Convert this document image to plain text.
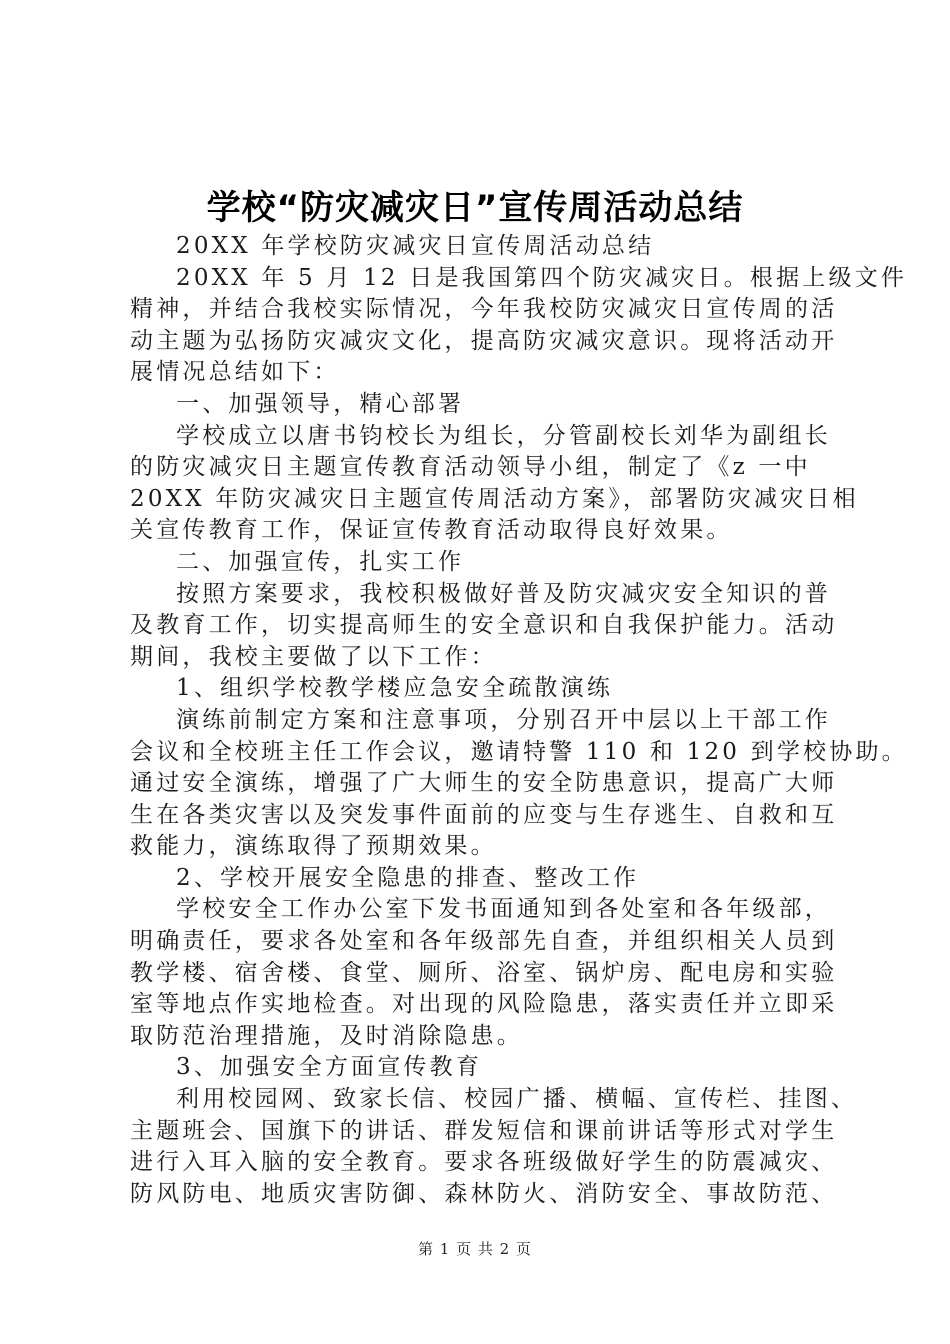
学校“防灾减灾日”宣传周活动总结
20XX 年学校防灾减灾日宣传周活动总结
20XX 年 5 月 12 日是我国第四个防灾减灾日。根据上级文件
精神，并结合我校实际情况，今年我校防灾减灾日宣传周的活
动主题为弘扬防灾减灾文化，提高防灾减灾意识。现将活动开
展情况总结如下：
一、加强领导，精心部署
学校成立以唐书钧校长为组长，分管副校长刘华为副组长
的防灾减灾日主题宣传教育活动领导小组，制定了《z 一中
20XX 年防灾减灾日主题宣传周活动方案》，部署防灾减灾日相
关宣传教育工作，保证宣传教育活动取得良好效果。
二、加强宣传，扎实工作
按照方案要求，我校积极做好普及防灾减灾安全知识的普
及教育工作，切实提高师生的安全意识和自我保护能力。活动
期间，我校主要做了以下工作：
1、组织学校教学楼应急安全疏散演练
演练前制定方案和注意事项，分别召开中层以上干部工作
会议和全校班主任工作会议，邀请特警 110 和 120 到学校协助。
通过安全演练，增强了广大师生的安全防患意识，提高广大师
生在各类灾害以及突发事件面前的应变与生存逃生、自救和互
救能力，演练取得了预期效果。
2、学校开展安全隐患的排查、整改工作
学校安全工作办公室下发书面通知到各处室和各年级部，
明确责任，要求各处室和各年级部先自查，并组织相关人员到
教学楼、宿舍楼、食堂、厕所、浴室、锅炉房、配电房和实验
室等地点作实地检查。对出现的风险隐患，落实责任并立即采
取防范治理措施，及时消除隐患。
3、加强安全方面宣传教育
利用校园网、致家长信、校园广播、横幅、宣传栏、挂图、
主题班会、国旗下的讲话、群发短信和课前讲话等形式对学生
进行入耳入脑的安全教育。要求各班级做好学生的防震减灾、
防风防电、地质灾害防御、森林防火、消防安全、事故防范、
第 1 页 共 2 页
